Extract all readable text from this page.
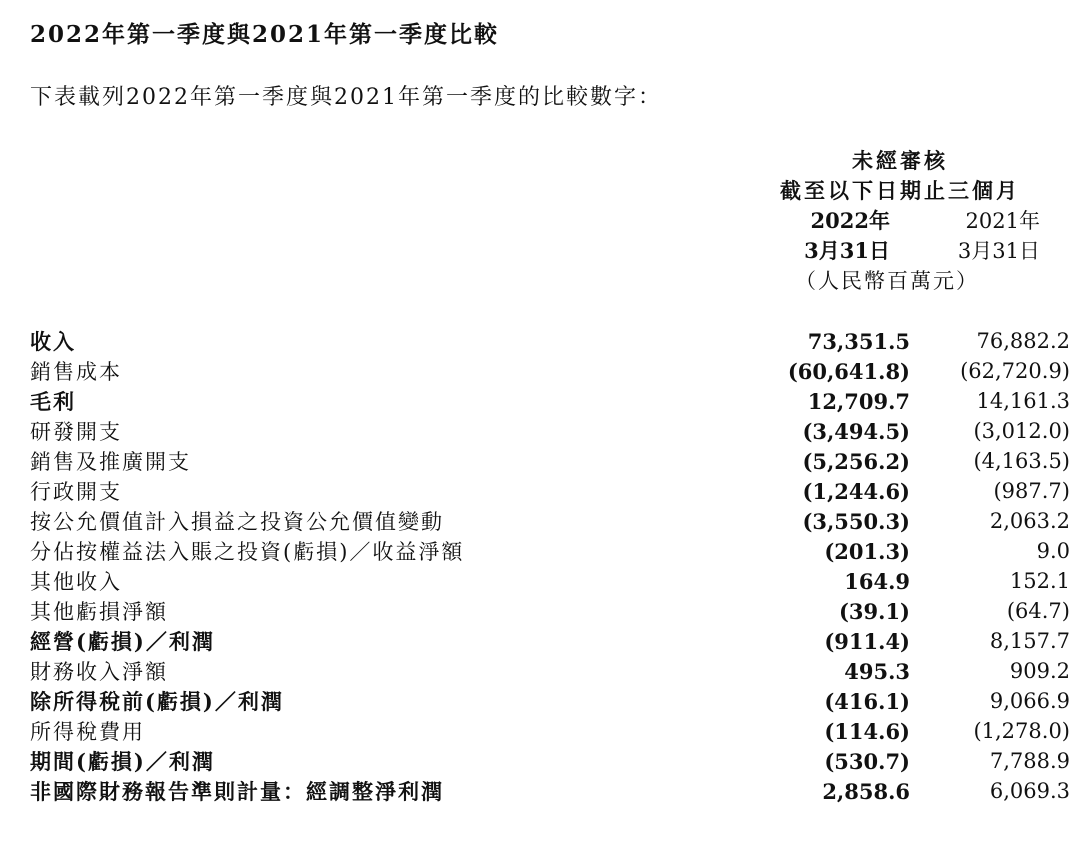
2022年第一季度與2021年第一季度比較
下表載列2022年第一季度與2021年第一季度的比較數字：
未經審核
截至以下日期止三個月
2022年	2021年
3月31日	3月31日
（人民幣百萬元）
收入	73,351.5	76,882.2
銷售成本	(60,641.8)	(62,720.9)
毛利	12,709.7	14,161.3
研發開支	(3,494.5)	(3,012.0)
銷售及推廣開支	(5,256.2)	(4,163.5)
行政開支	(1,244.6)	(987.7)
按公允價值計入損益之投資公允價值變動	(3,550.3)	2,063.2
分佔按權益法入賬之投資(虧損)／收益淨額	(201.3)	9.0
其他收入	164.9	152.1
其他虧損淨額	(39.1)	(64.7)
經營(虧損)／利潤	(911.4)	8,157.7
財務收入淨額	495.3	909.2
除所得稅前(虧損)／利潤	(416.1)	9,066.9
所得稅費用	(114.6)	(1,278.0)
期間(虧損)／利潤	(530.7)	7,788.9
非國際財務報告準則計量：經調整淨利潤	2,858.6	6,069.3
